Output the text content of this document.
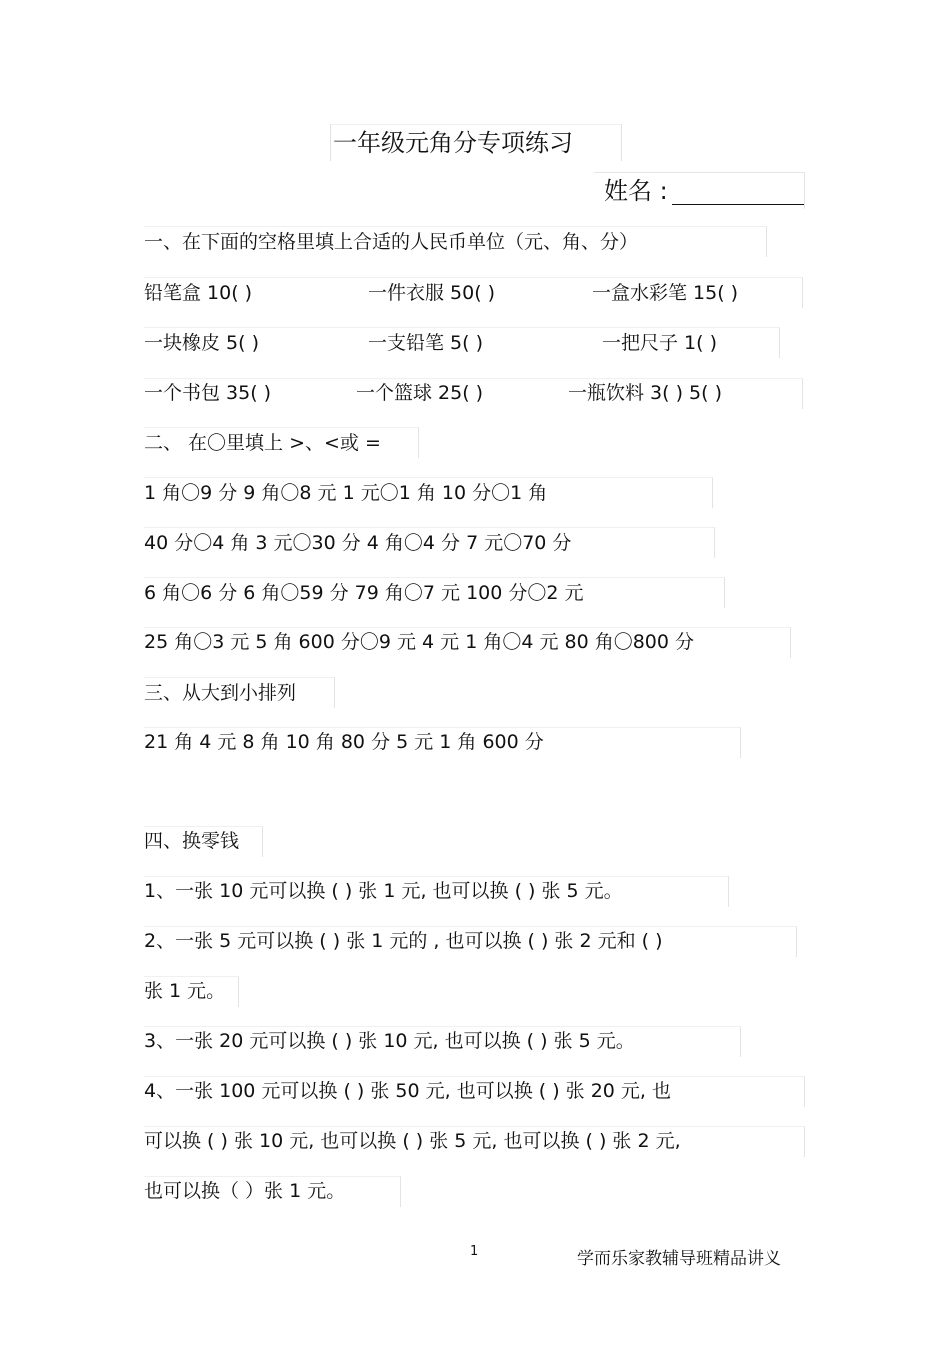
一年级元角分专项练习
姓名 :
一、在下面的空格里填上合适的人民币单位（元、角、分）
铅笔盒 10( )	一件衣服 50( )	一盒水彩笔 15( )
一块橡皮 5( )	一支铅笔 5( )	一把尺子 1( )
一个书包 35( )	一个篮球 25( )	一瓶饮料 3( ) 5( )
二、 在〇里填上 >、<或 =
1 角〇9 分 9 角〇8 元 1 元〇1 角 10 分〇1 角
40 分〇4 角 3 元〇30 分 4 角〇4 分 7 元〇70 分
6 角〇6 分 6 角〇59 分 79 角〇7 元 100 分〇2 元
25 角〇3 元 5 角 600 分〇9 元 4 元 1 角〇4 元 80 角〇800 分
三、从大到小排列
21 角 4 元 8 角 10 角 80 分 5 元 1 角 600 分
四、换零钱
1、一张 10 元可以换 ( ) 张 1 元, 也可以换 ( ) 张 5 元。
2、一张 5 元可以换 ( ) 张 1 元的 , 也可以换 ( ) 张 2 元和 ( )
张 1 元。
3、一张 20 元可以换 ( ) 张 10 元, 也可以换 ( ) 张 5 元。
4、一张 100 元可以换 ( ) 张 50 元, 也可以换 ( ) 张 20 元, 也
可以换 ( ) 张 10 元, 也可以换 ( ) 张 5 元, 也可以换 ( ) 张 2 元,
也可以换（ ）张 1 元。
1	学而乐家教辅导班精品讲义
